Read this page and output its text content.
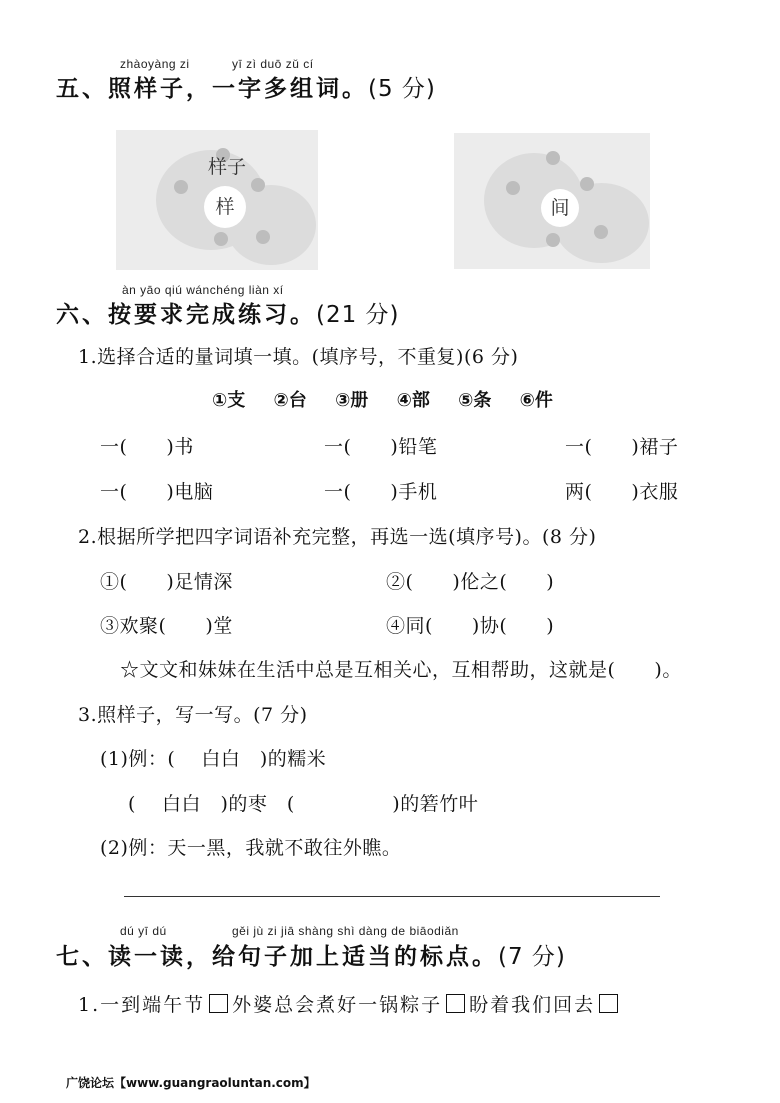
zhàoyàng zi	yī zì duō zǔ cí
五、照样子，一字多组词。(5 分)
样子
样	间
àn yāo qiú wánchéng liàn xí
六、按要求完成练习。(21 分)
1.选择合适的量词填一填。(填序号，不重复)(6 分)
①支 ②台 ③册 ④部 ⑤条 ⑥件
一(　　)书	一(　　)铅笔	一(　　)裙子
一(　　)电脑	一(　　)手机	两(　　)衣服
2.根据所学把四字词语补充完整，再选一选(填序号)。(8 分)
①(　　)足情深	②(　　)伦之(　　)
③欢聚(　　)堂	④同(　　)协(　　)
☆文文和妹妹在生活中总是互相关心，互相帮助，这就是(　　)。
3.照样子，写一写。(7 分)
(1)例：(　 白白　)的糯米
(　 白白　)的枣　(　　　　　)的箬竹叶
(2)例：天一黑，我就不敢往外瞧。
dú yī dú	gěi jù zi jiā shàng shì dàng de biāodiǎn
七、读一读，给句子加上适当的标点。(7 分)
1.一到端午节 外婆总会煮好一锅粽子 盼着我们回去
广饶论坛【www.guangraoluntan.com】
